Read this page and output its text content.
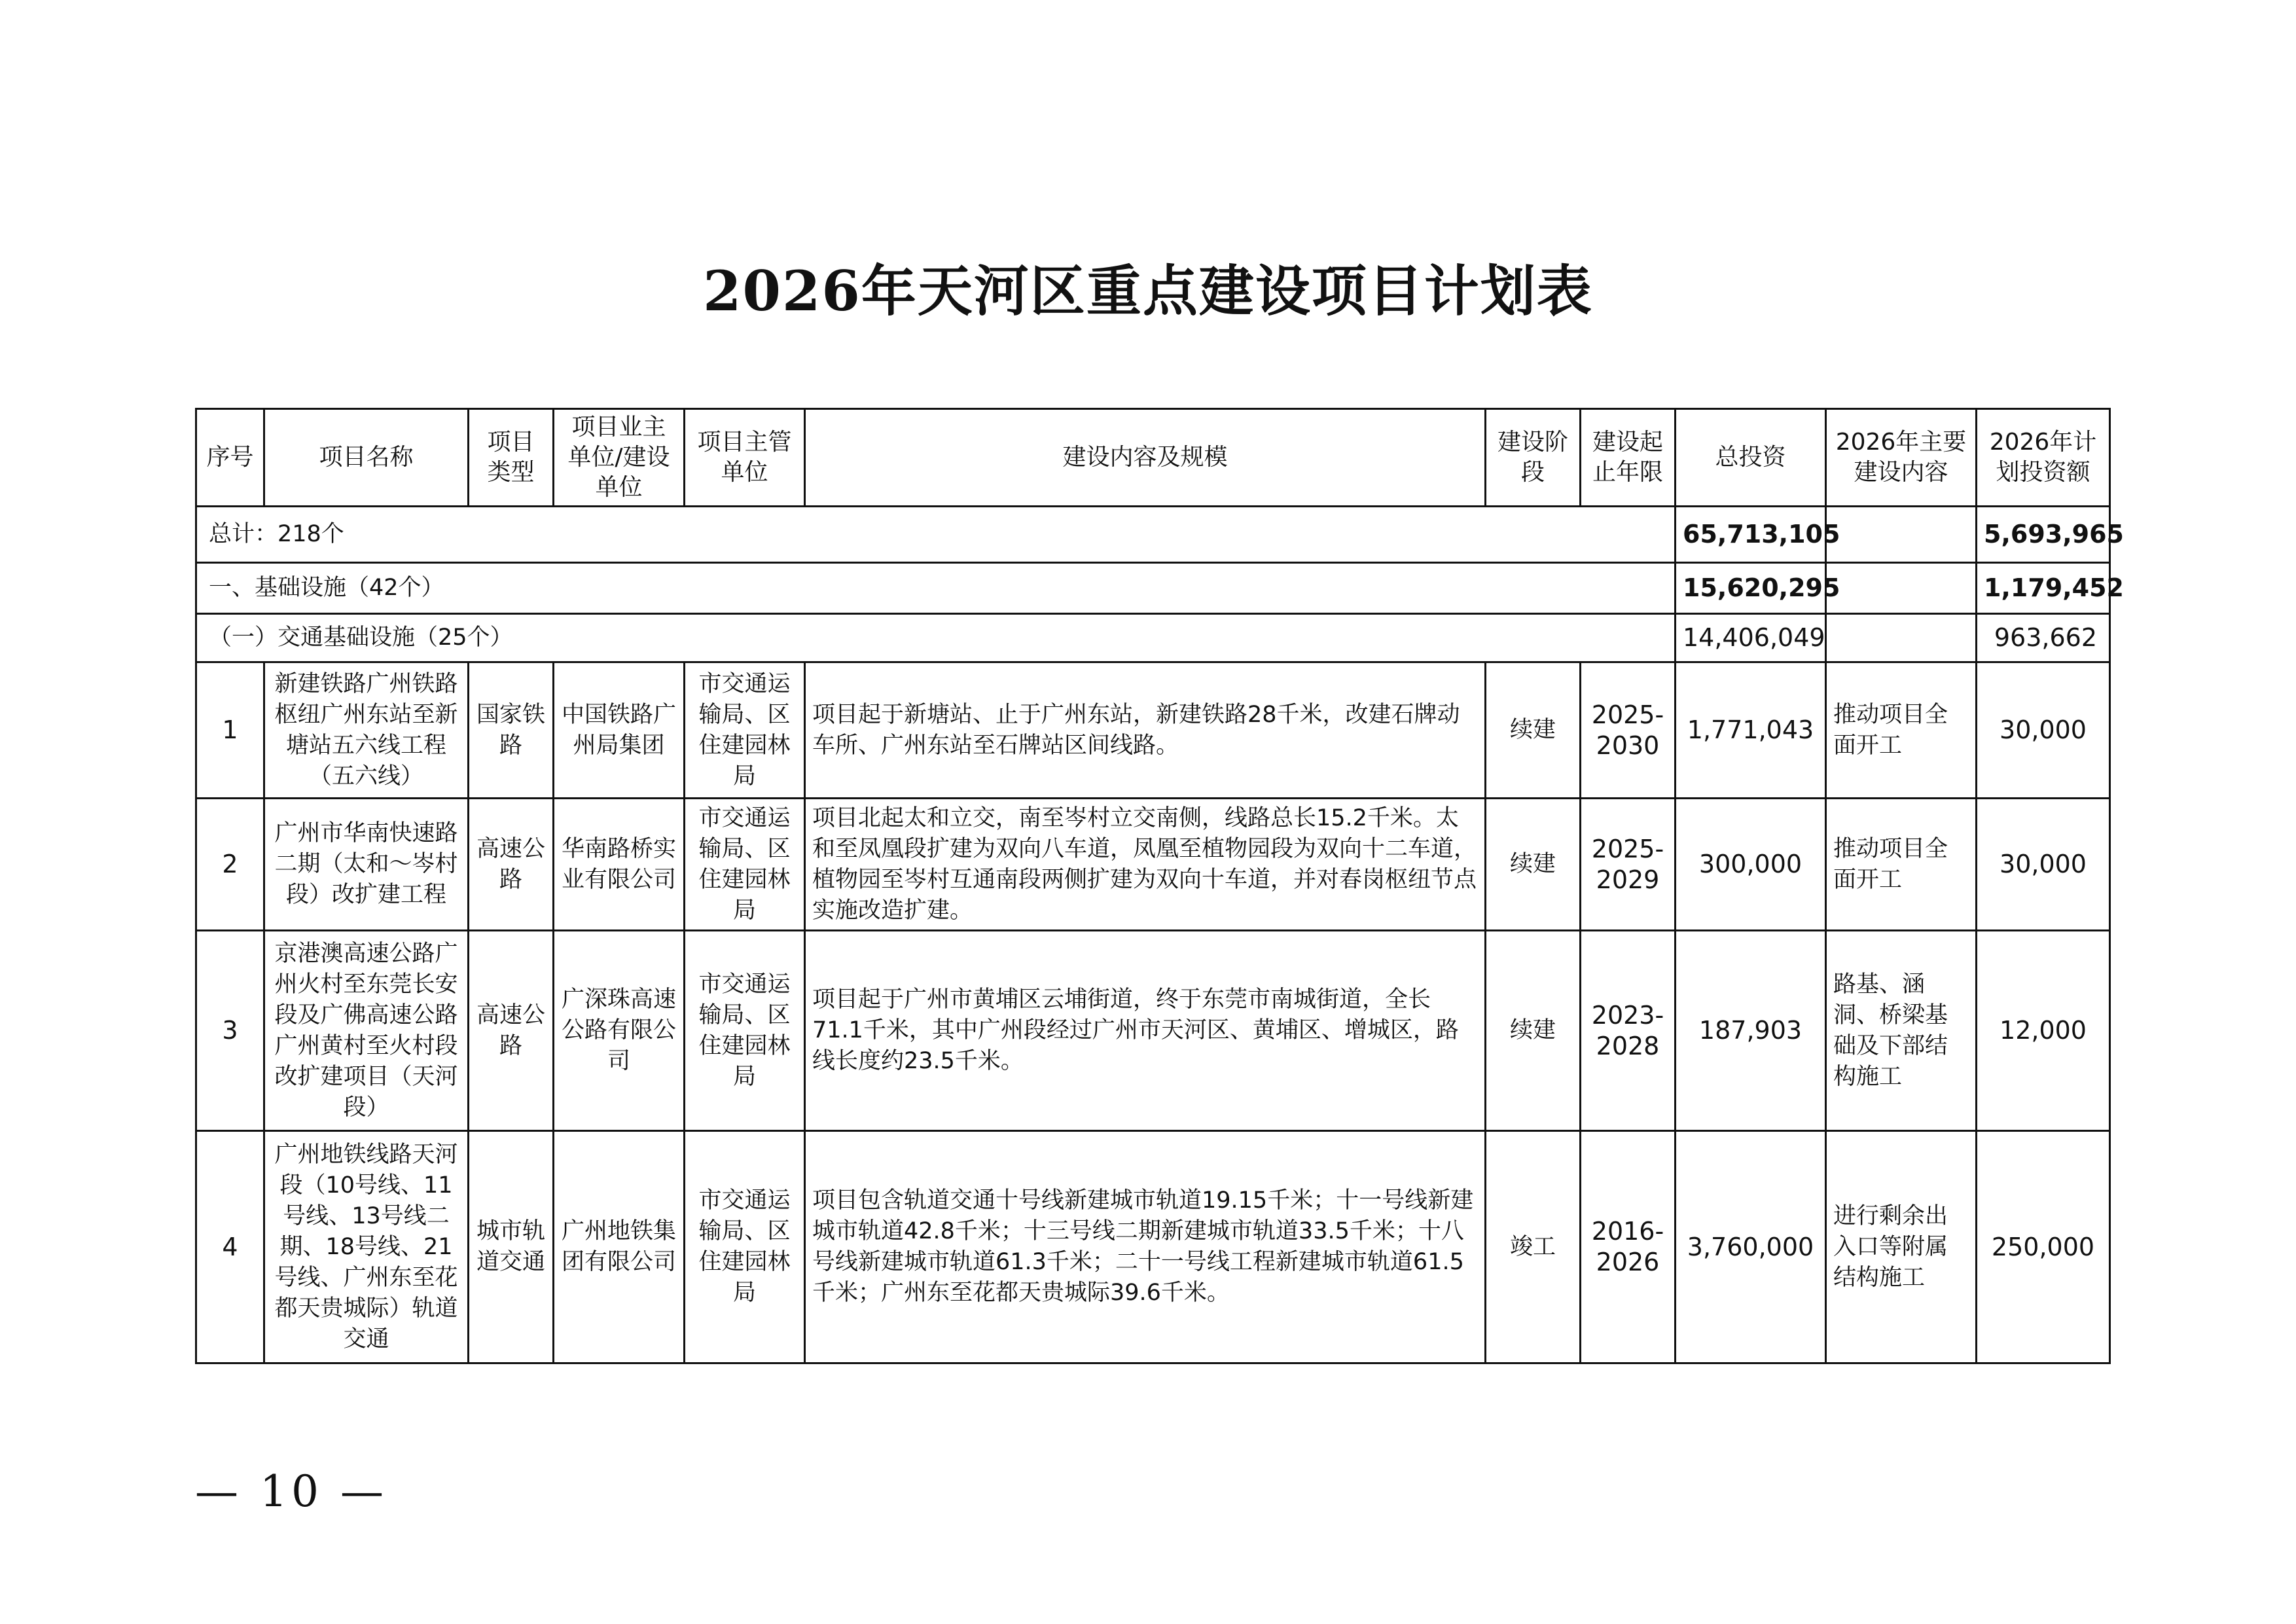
2026年天河区重点建设项目计划表
序号	项目名称	项目类型	项目业主单位/建设单位	项目主管单位	建设内容及规模	建设阶段	建设起止年限	总投资	2026年主要建设内容	2026年计划投资额
总计：218个								65,713,105		5,693,965
一、基础设施（42个）								15,620,295		1,179,452
（一）交通基础设施（25个）								14,406,049		963,662
1	新建铁路广州铁路枢纽广州东站至新塘站五六线工程（五六线）	国家铁路	中国铁路广州局集团	市交通运输局、区住建园林局	项目起于新塘站、止于广州东站，新建铁路28千米，改建石牌动车所、广州东站至石牌站区间线路。	续建	2025-2030	1,771,043	推动项目全面开工	30,000
2	广州市华南快速路二期（太和～岑村段）改扩建工程	高速公路	华南路桥实业有限公司	市交通运输局、区住建园林局	项目北起太和立交，南至岑村立交南侧，线路总长15.2千米。太和至凤凰段扩建为双向八车道，凤凰至植物园段为双向十二车道，植物园至岑村互通南段两侧扩建为双向十车道，并对春岗枢纽节点实施改造扩建。	续建	2025-2029	300,000	推动项目全面开工	30,000
3	京港澳高速公路广州火村至东莞长安段及广佛高速公路广州黄村至火村段改扩建项目（天河段）	高速公路	广深珠高速公路有限公司	市交通运输局、区住建园林局	项目起于广州市黄埔区云埔街道，终于东莞市南城街道，全长71.1千米，其中广州段经过广州市天河区、黄埔区、增城区，路线长度约23.5千米。	续建	2023-2028	187,903	路基、涵洞、桥梁基础及下部结构施工	12,000
4	广州地铁线路天河段（10号线、11号线、13号线二期、18号线、21号线、广州东至花都天贵城际）轨道交通	城市轨道交通	广州地铁集团有限公司	市交通运输局、区住建园林局	项目包含轨道交通十号线新建城市轨道19.15千米；十一号线新建城市轨道42.8千米；十三号线二期新建城市轨道33.5千米；十八号线新建城市轨道61.3千米；二十一号线工程新建城市轨道61.5千米；广州东至花都天贵城际39.6千米。	竣工	2016-2026	3,760,000	进行剩余出入口等附属结构施工	250,000
— 10 —
